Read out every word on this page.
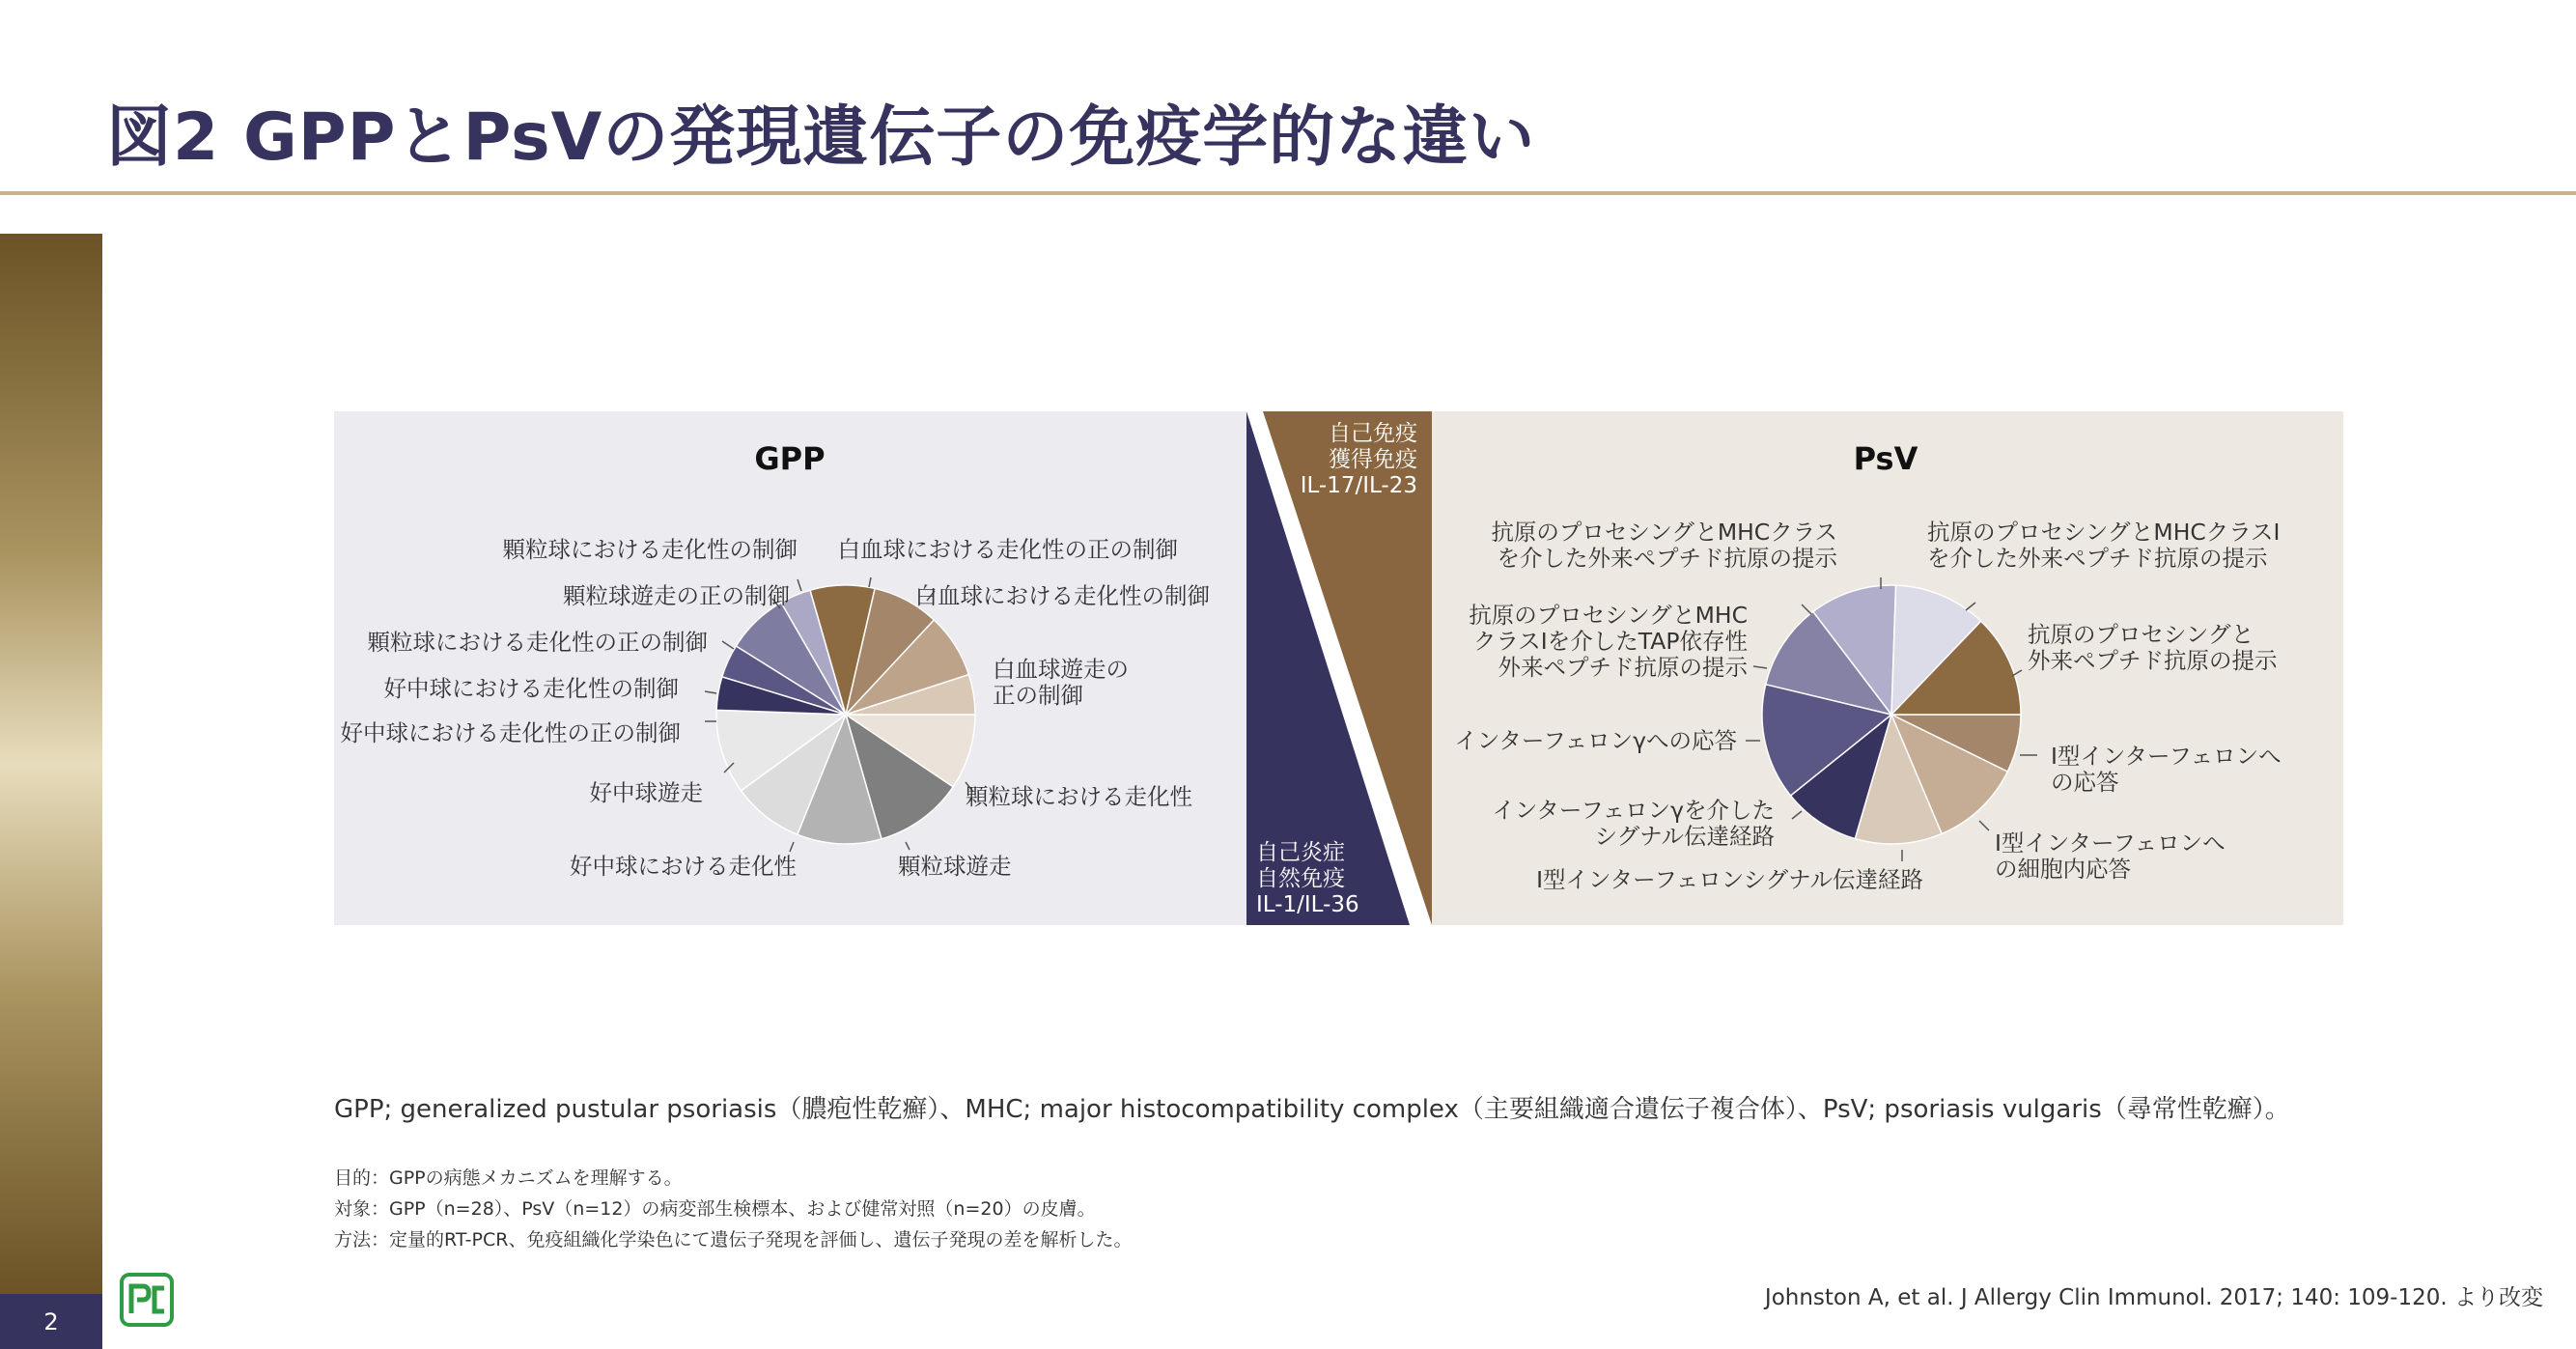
図2 GPPとPsVの発現遺伝子の免疫学的な違い
2
自己免疫
獲得免疫
IL-17/IL-23
自己炎症
自然免疫
IL-1/IL-36
GPP	PsV
白血球遊走の
正の制御
顆粒球における走化性
顆粒球遊走
好中球における走化性
好中球遊走
好中球における走化性の正の制御
好中球における走化性の制御
顆粒球における走化性の正の制御
顆粒球遊走の正の制御
顆粒球における走化性の制御 白血球における走化性の正の制御
白血球における走化性の制御
I型インターフェロンへ
の応答
I型インターフェロンへ
の細胞内応答
I型インターフェロンシグナル伝達経路
インターフェロンγを介した
シグナル伝達経路
インターフェロンγへの応答
抗原のプロセシングとMHC
クラスIを介したTAP依存性
外来ペプチド抗原の提示
抗原のプロセシングとMHCクラス
を介した外来ペプチド抗原の提示
抗原のプロセシングとMHCクラスI
を介した外来ペプチド抗原の提示
抗原のプロセシングと
外来ペプチド抗原の提示
GPP; generalized pustular psoriasis（膿疱性乾癬）、MHC; major histocompatibility complex（主要組織適合遺伝子複合体）、PsV; psoriasis vulgaris（尋常性乾癬）。
目的：GPPの病態メカニズムを理解する。
対象：GPP（n=28）、PsV（n=12）の病変部生検標本、および健常対照（n=20）の皮膚。
方法：定量的RT-PCR、免疫組織化学染色にて遺伝子発現を評価し、遺伝子発現の差を解析した。
Johnston A, et al. J Allergy Clin Immunol. 2017; 140: 109-120. より改変
